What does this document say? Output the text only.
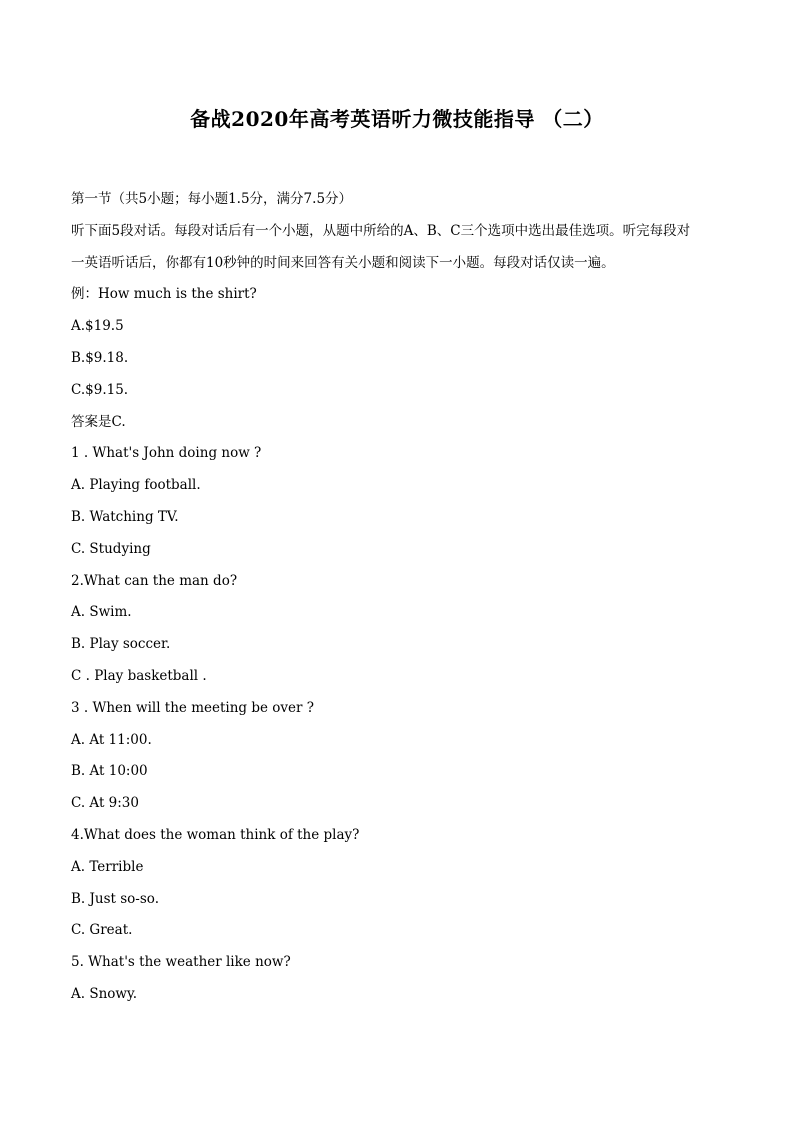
备战2020年高考英语听力微技能指导 （二）
第一节（共5小题；每小题1.5分，满分7.5分）
听下面5段对话。每段对话后有一个小题，从题中所给的A、B、C三个选项中选出最佳选项。听完每段对
一英语听话后，你都有10秒钟的时间来回答有关小题和阅读下一小题。每段对话仅读一遍。
例：How much is the shirt?
A.$19.5
B.$9.18.
C.$9.15.
答案是C.
1 . What's John doing now ?
A. Playing football.
B. Watching TV.
C. Studying
2.What can the man do?
A. Swim.
B. Play soccer.
C . Play basketball .
3 . When will the meeting be over ?
A. At 11:00.
B. At 10:00
C. At 9:30
4.What does the woman think of the play?
A. Terrible
B. Just so-so.
C. Great.
5. What's the weather like now?
A. Snowy.
